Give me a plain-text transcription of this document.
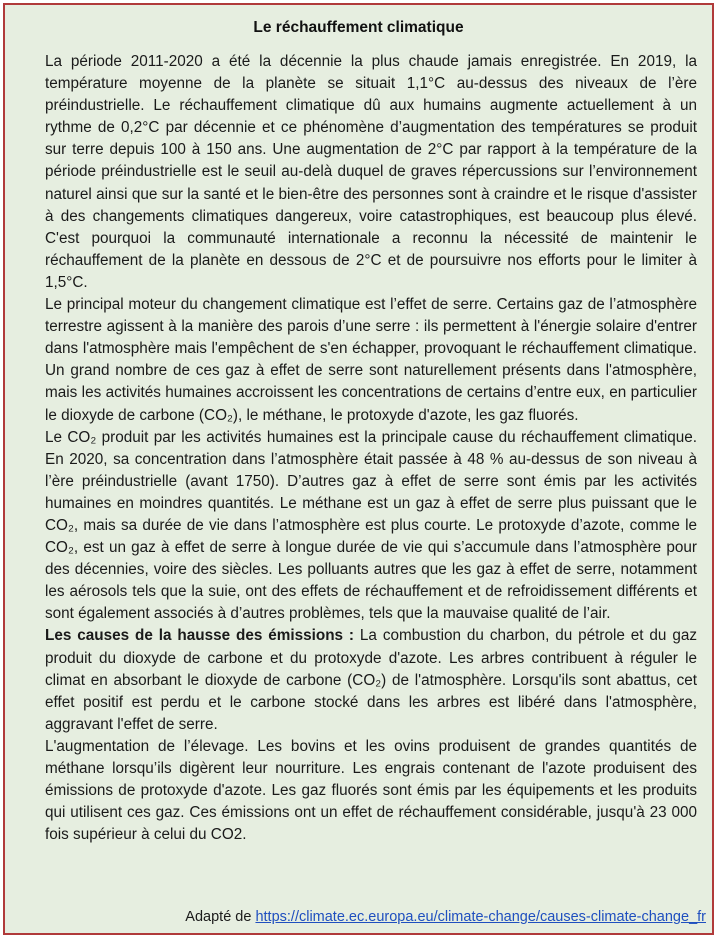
Le réchauffement climatique

La période 2011-2020 a été la décennie la plus chaude jamais enregistrée. En 2019, la température moyenne de la planète se situait 1,1°C au-dessus des niveaux de l’ère préindustrielle. Le réchauffement climatique dû aux humains augmente actuellement à un rythme de 0,2°C par décennie et ce phénomène d’augmentation des températures se produit sur terre depuis 100 à 150 ans. Une augmentation de 2°C par rapport à la température de la période préindustrielle est le seuil au-delà duquel de graves répercussions sur l’environnement naturel ainsi que sur la santé et le bien-être des personnes sont à craindre et le risque d'assister à des changements climatiques dangereux, voire catastrophiques, est beaucoup plus élevé. C'est pourquoi la communauté internationale a reconnu la nécessité de maintenir le réchauffement de la planète en dessous de 2°C et de poursuivre nos efforts pour le limiter à 1,5°C.

Le principal moteur du changement climatique est l’effet de serre. Certains gaz de l’atmosphère terrestre agissent à la manière des parois d’une serre : ils permettent à l'énergie solaire d'entrer dans l'atmosphère mais l'empêchent de s'en échapper, provoquant le réchauffement climatique. Un grand nombre de ces gaz à effet de serre sont naturellement présents dans l'atmosphère, mais les activités humaines accroissent les concentrations de certains d’entre eux, en particulier le dioxyde de carbone (CO₂), le méthane, le protoxyde d'azote, les gaz fluorés.

Le CO₂ produit par les activités humaines est la principale cause du réchauffement climatique. En 2020, sa concentration dans l’atmosphère était passée à 48 % au-dessus de son niveau à l’ère préindustrielle (avant 1750). D’autres gaz à effet de serre sont émis par les activités humaines en moindres quantités. Le méthane est un gaz à effet de serre plus puissant que le CO₂, mais sa durée de vie dans l’atmosphère est plus courte. Le protoxyde d’azote, comme le CO₂, est un gaz à effet de serre à longue durée de vie qui s’accumule dans l’atmosphère pour des décennies, voire des siècles. Les polluants autres que les gaz à effet de serre, notamment les aérosols tels que la suie, ont des effets de réchauffement et de refroidissement différents et sont également associés à d’autres problèmes, tels que la mauvaise qualité de l’air.

Les causes de la hausse des émissions : La combustion du charbon, du pétrole et du gaz produit du dioxyde de carbone et du protoxyde d'azote. Les arbres contribuent à réguler le climat en absorbant le dioxyde de carbone (CO₂) de l'atmosphère. Lorsqu'ils sont abattus, cet effet positif est perdu et le carbone stocké dans les arbres est libéré dans l'atmosphère, aggravant l'effet de serre.

L'augmentation de l’élevage. Les bovins et les ovins produisent de grandes quantités de méthane lorsqu’ils digèrent leur nourriture. Les engrais contenant de l'azote produisent des émissions de protoxyde d'azote. Les gaz fluorés sont émis par les équipements et les produits qui utilisent ces gaz. Ces émissions ont un effet de réchauffement considérable, jusqu'à 23 000 fois supérieur à celui du CO2.

Adapté de https://climate.ec.europa.eu/climate-change/causes-climate-change_fr
